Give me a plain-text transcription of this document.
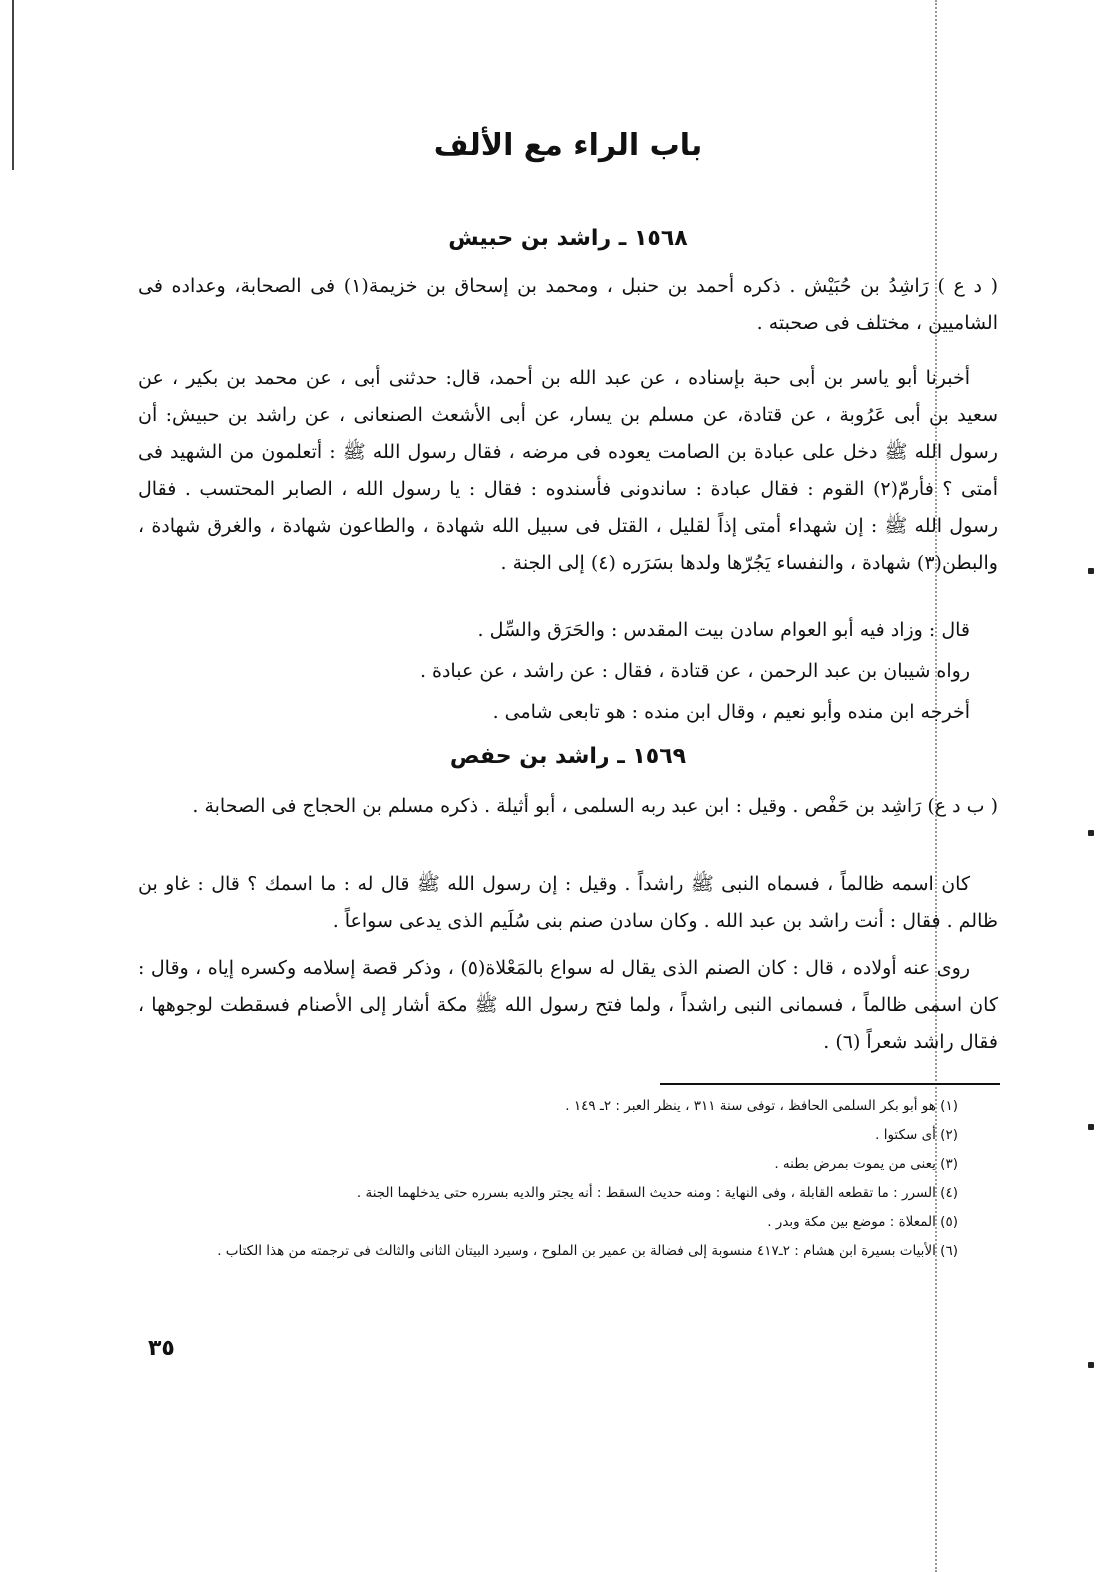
باب الراء مع الألف
١٥٦٨ ـ راشد بن حبيش
( د ع ) رَاشِدُ بن حُبَيْش . ذكره أحمد بن حنبل ، ومحمد بن إسحاق بن خزيمة(١) فى الصحابة، وعداده فى الشاميين ، مختلف فى صحبته .
أخبرنا أبو ياسر بن أبى حبة بإسناده ، عن عبد الله بن أحمد، قال: حدثنى أبى ، عن محمد بن بكير ، عن سعيد بن أبى عَرُوبة ، عن قتادة، عن مسلم بن يسار، عن أبى الأشعث الصنعانى ، عن راشد بن حبيش: أن رسول الله ﷺ دخل على عبادة بن الصامت يعوده فى مرضه ، فقال رسول الله ﷺ : أتعلمون من الشهيد فى أمتى ؟ فأرمّ(٢) القوم : فقال عبادة : ساندونى فأسندوه : فقال : يا رسول الله ، الصابر المحتسب . فقال رسول الله ﷺ : إن شهداء أمتى إذاً لقليل ، القتل فى سبيل الله شهادة ، والطاعون شهادة ، والغرق شهادة ، والبطن(٣) شهادة ، والنفساء يَجُرّها ولدها بسَرَره (٤) إلى الجنة .
قال : وزاد فيه أبو العوام سادن بيت المقدس : والحَرَق والسِّل .
رواه شيبان بن عبد الرحمن ، عن قتادة ، فقال : عن راشد ، عن عبادة .
أخرجه ابن منده وأبو نعيم ، وقال ابن منده : هو تابعى شامى .
١٥٦٩ ـ راشد بن حفص
( ب د ع) رَاشِد بن حَفْص . وقيل : ابن عبد ربه السلمى ، أبو أثيلة . ذكره مسلم بن الحجاج فى الصحابة .
كان اسمه ظالماً ، فسماه النبى ﷺ راشداً . وقيل : إن رسول الله ﷺ قال له : ما اسمك ؟ قال : غاو بن ظالم . فقال : أنت راشد بن عبد الله . وكان سادن صنم بنى سُلَيم الذى يدعى سواعاً .
روى عنه أولاده ، قال : كان الصنم الذى يقال له سواع بالمَعْلاة(٥) ، وذكر قصة إسلامه وكسره إياه ، وقال : كان اسمى ظالماً ، فسمانى النبى راشداً ، ولما فتح رسول الله ﷺ مكة أشار إلى الأصنام فسقطت لوجوهها ، فقال راشد شعراً (٦) .
(١) هو أبو بكر السلمى الحافظ ، توفى سنة ٣١١ ، ينظر العبر : ٢ـ ١٤٩ .
(٢) أى سكتوا .
(٣) يعنى من يموت بمرض بطنه .
(٤) السرر : ما تقطعه القابلة ، وفى النهاية : ومنه حديث السقط : أنه يجتر والديه بسرره حتى يدخلهما الجنة .
(٥) المعلاة : موضع بين مكة وبدر .
(٦) الأبيات بسيرة ابن هشام : ٢ـ٤١٧ منسوبة إلى فضالة بن عمير بن الملوح ، وسيرد البيتان الثانى والثالث فى ترجمته من هذا الكتاب .
٣٥
